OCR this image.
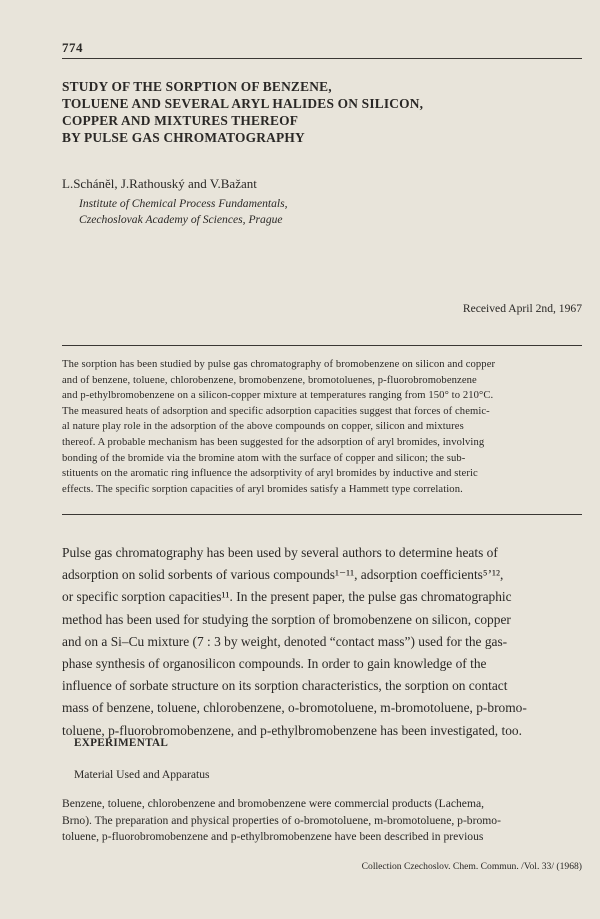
774
STUDY OF THE SORPTION OF BENZENE,
TOLUENE AND SEVERAL ARYL HALIDES ON SILICON,
COPPER AND MIXTURES THEREOF
BY PULSE GAS CHROMATOGRAPHY
L.Schánĕl, J.Rathouský and V.Bažant
Institute of Chemical Process Fundamentals,
Czechoslovak Academy of Sciences, Prague
Received April 2nd, 1967
The sorption has been studied by pulse gas chromatography of bromobenzene on silicon and copper
and of benzene, toluene, chlorobenzene, bromobenzene, bromotoluenes, p-fluorobromobenzene
and p-ethylbromobenzene on a silicon-copper mixture at temperatures ranging from 150° to 210°C.
The measured heats of adsorption and specific adsorption capacities suggest that forces of chemic-
al nature play role in the adsorption of the above compounds on copper, silicon and mixtures
thereof. A probable mechanism has been suggested for the adsorption of aryl bromides, involving
bonding of the bromide via the bromine atom with the surface of copper and silicon; the sub-
stituents on the aromatic ring influence the adsorptivity of aryl bromides by inductive and steric
effects. The specific sorption capacities of aryl bromides satisfy a Hammett type correlation.
Pulse gas chromatography has been used by several authors to determine heats of
adsorption on solid sorbents of various compounds¹⁻¹¹, adsorption coefficients⁵’¹²,
or specific sorption capacities¹¹. In the present paper, the pulse gas chromatographic
method has been used for studying the sorption of bromobenzene on silicon, copper
and on a Si–Cu mixture (7 : 3 by weight, denoted “contact mass”) used for the gas-
phase synthesis of organosilicon compounds. In order to gain knowledge of the
influence of sorbate structure on its sorption characteristics, the sorption on contact
mass of benzene, toluene, chlorobenzene, o-bromotoluene, m-bromotoluene, p-bromo-
toluene, p-fluorobromobenzene, and p-ethylbromobenzene has been investigated, too.
EXPERIMENTAL
Material Used and Apparatus
Benzene, toluene, chlorobenzene and bromobenzene were commercial products (Lachema,
Brno). The preparation and physical properties of o-bromotoluene, m-bromotoluene, p-bromo-
toluene, p-fluorobromobenzene and p-ethylbromobenzene have been described in previous
Collection Czechoslov. Chem. Commun. /Vol. 33/ (1968)
